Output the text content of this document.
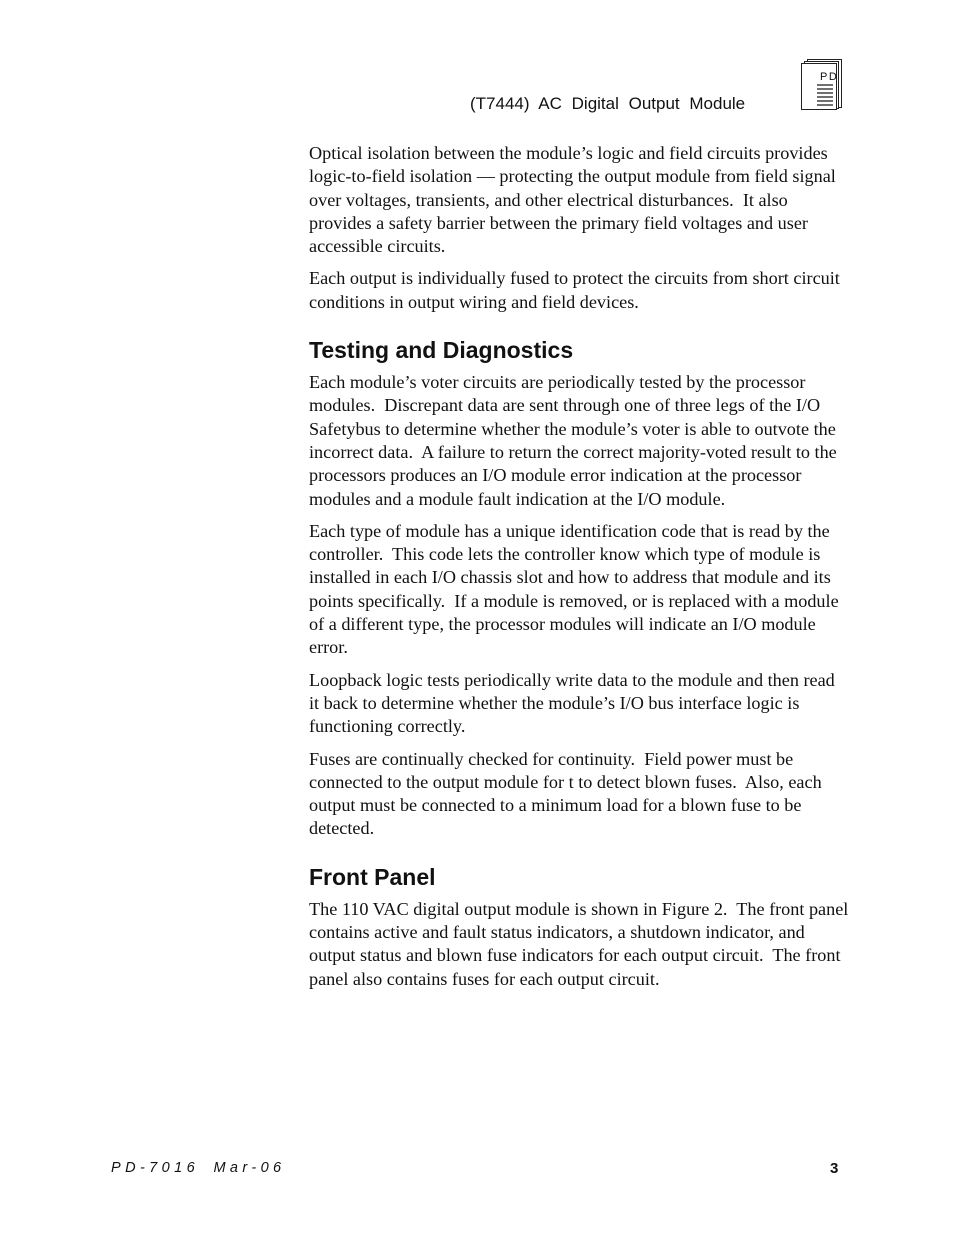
(T7444) AC Digital Output Module
PD

Optical isolation between the module’s logic and field circuits provides logic-to-field isolation — protecting the output module from field signal over voltages, transients, and other electrical disturbances.  It also provides a safety barrier between the primary field voltages and user accessible circuits.

Each output is individually fused to protect the circuits from short circuit conditions in output wiring and field devices.

Testing and Diagnostics

Each module’s voter circuits are periodically tested by the processor modules.  Discrepant data are sent through one of three legs of the I/O Safetybus to determine whether the module’s voter is able to outvote the incorrect data.  A failure to return the correct majority-voted result to the processors produces an I/O module error indication at the processor modules and a module fault indication at the I/O module.

Each type of module has a unique identification code that is read by the controller.  This code lets the controller know which type of module is installed in each I/O chassis slot and how to address that module and its points specifically.  If a module is removed, or is replaced with a module of a different type, the processor modules will indicate an I/O module error.

Loopback logic tests periodically write data to the module and then read it back to determine whether the module’s I/O bus interface logic is functioning correctly.

Fuses are continually checked for continuity.  Field power must be connected to the output module for t to detect blown fuses.  Also, each output must be connected to a minimum load for a blown fuse to be detected.

Front Panel

The 110 VAC digital output module is shown in Figure 2.  The front panel contains active and fault status indicators, a shutdown indicator, and output status and blown fuse indicators for each output circuit.  The front panel also contains fuses for each output circuit.

PD-7016 Mar-06	3
